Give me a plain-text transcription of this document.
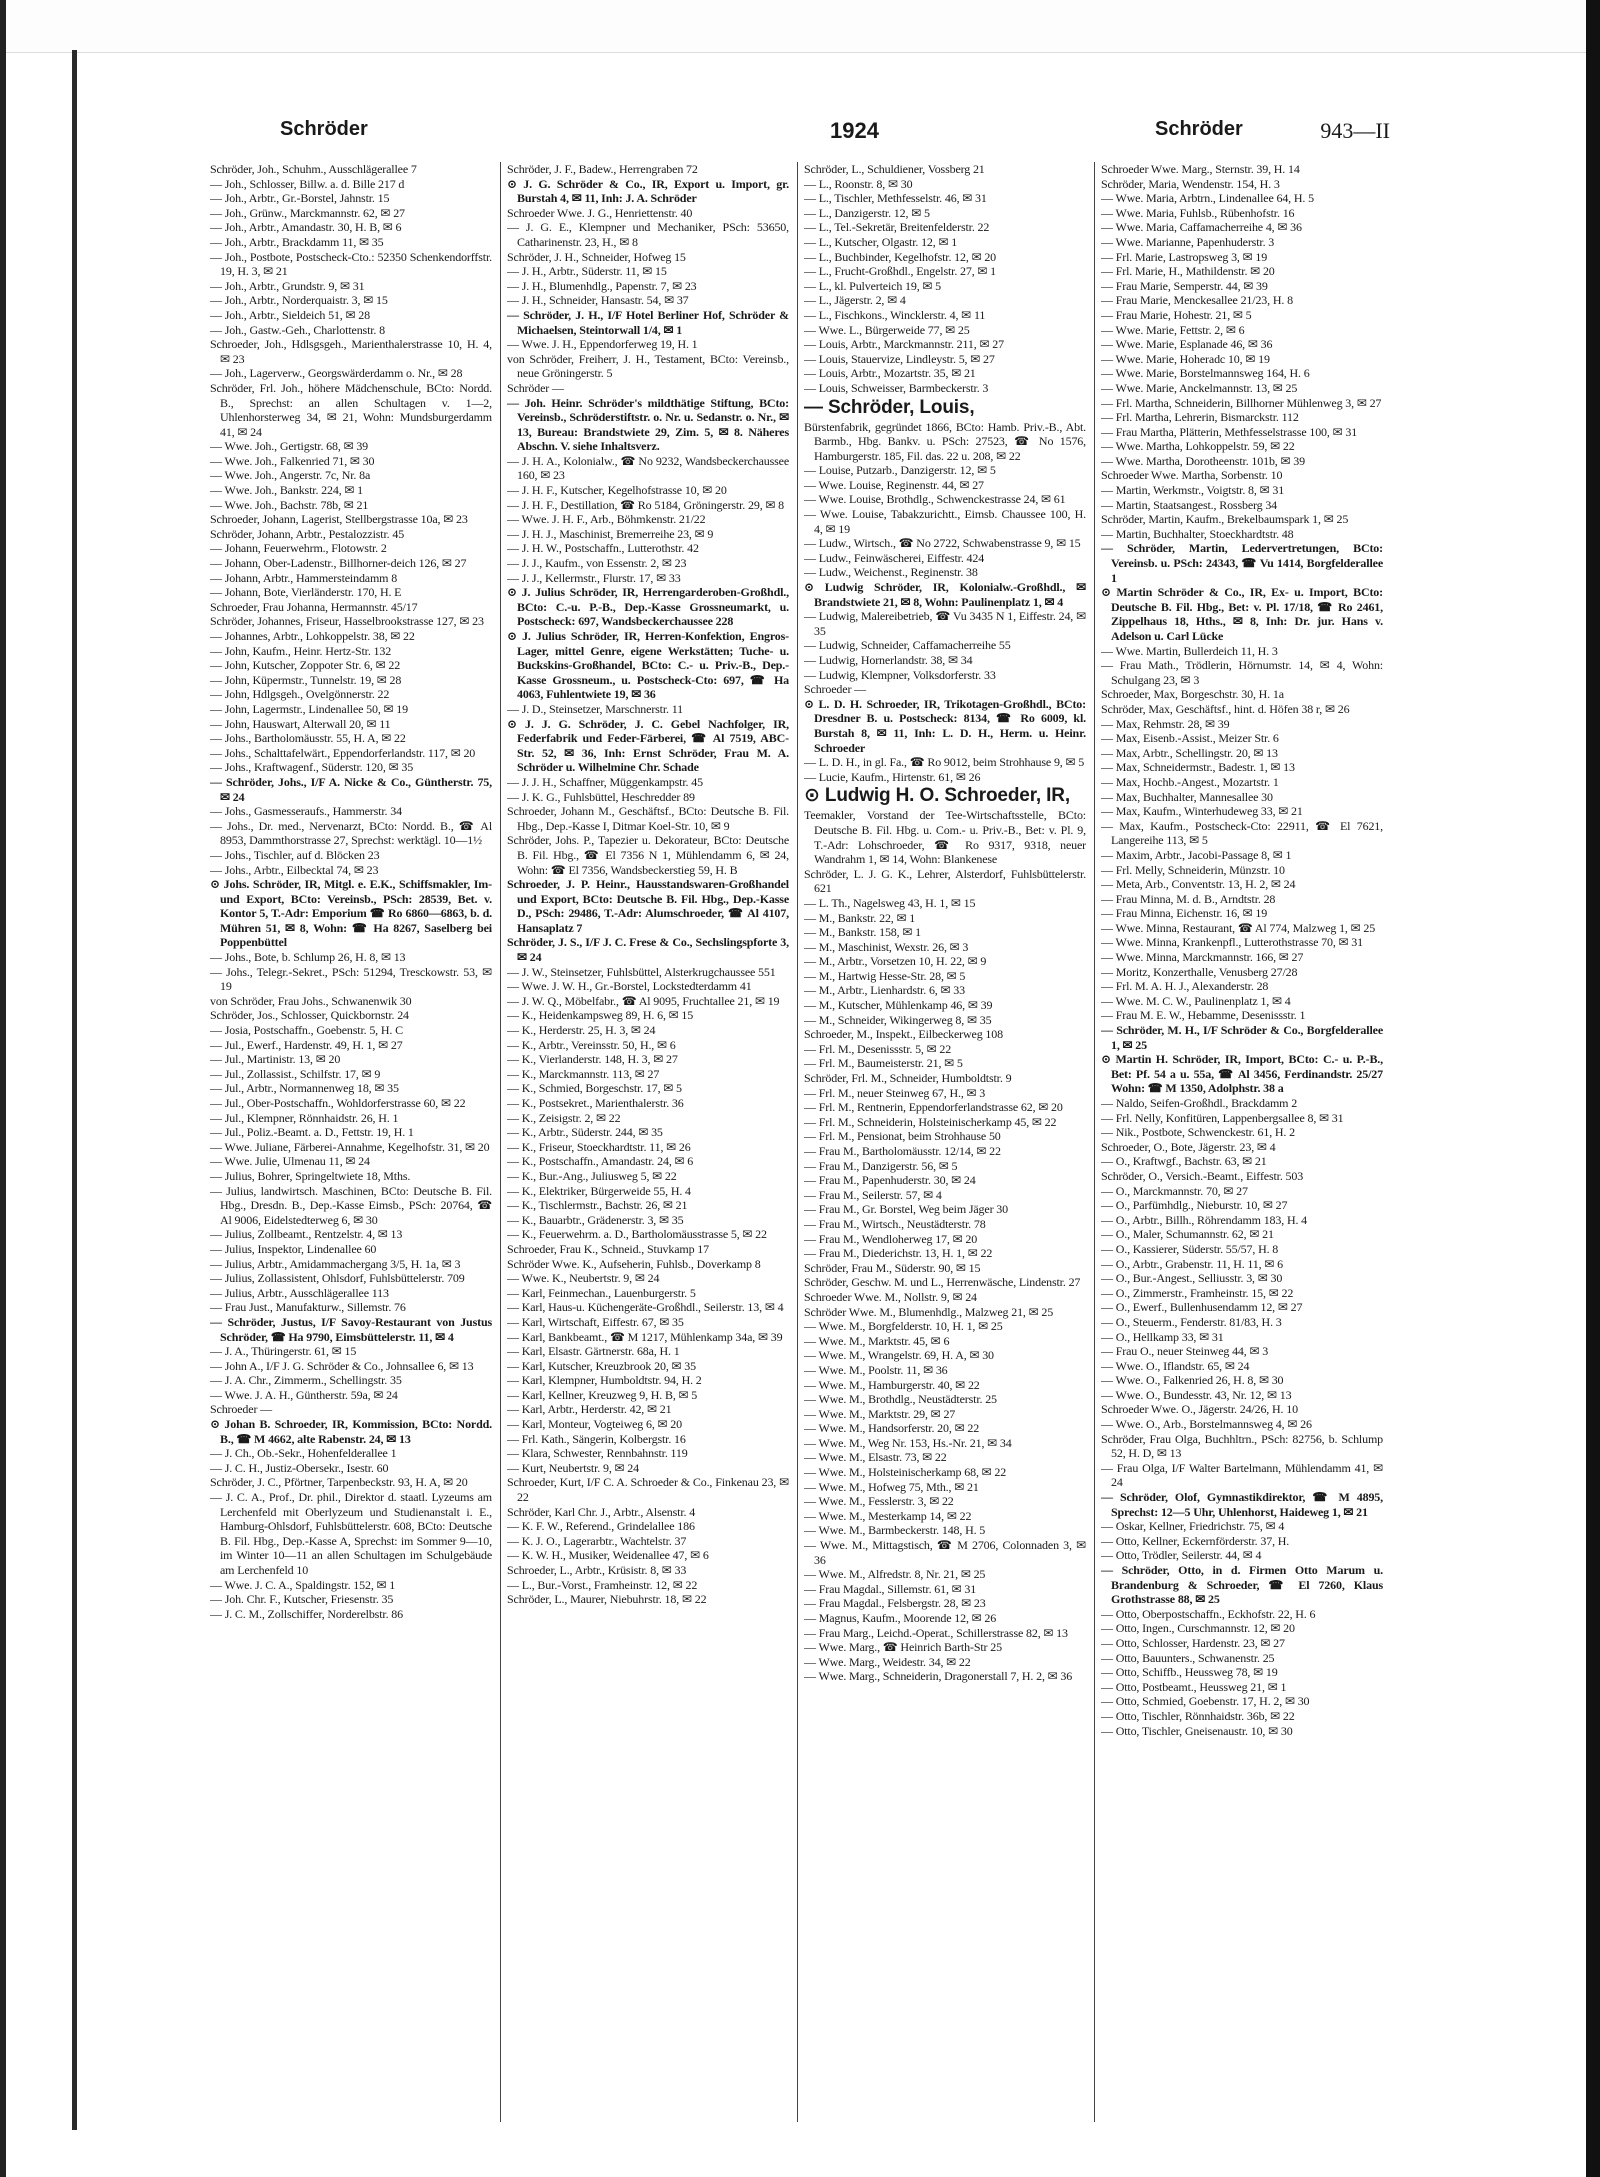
Schröder	1924	Schröder	943—II
Schröder, Joh., Schuhm., Ausschlägerallee 7
— Joh., Schlosser, Billw. a. d. Bille 217 d
— Joh., Arbtr., Gr.-Borstel, Jahnstr. 15
— Joh., Grünw., Marckmannstr. 62, ✉ 27
— Joh., Arbtr., Amandastr. 30, H. B, ✉ 6
— Joh., Arbtr., Brackdamm 11, ✉ 35
— Joh., Postbote, Postscheck-Cto.: 52350 Schenkendorffstr. 19, H. 3, ✉ 21
— Joh., Arbtr., Grundstr. 9, ✉ 31
— Joh., Arbtr., Norderquaistr. 3, ✉ 15
— Joh., Arbtr., Sieldeich 51, ✉ 28
— Joh., Gastw.-Geh., Charlottenstr. 8
Schroeder, Joh., Hdlsgsgeh., Marienthalerstrasse 10, H. 4, ✉ 23
— Joh., Lagerverw., Georgswärderdamm o. Nr., ✉ 28
Schröder, Frl. Joh., höhere Mädchenschule, BCto: Nordd. B., Sprechst: an allen Schultagen v. 1—2, Uhlenhorsterweg 34, ✉ 21, Wohn: Mundsburgerdamm 41, ✉ 24
— Wwe. Joh., Gertigstr. 68, ✉ 39
— Wwe. Joh., Falkenried 71, ✉ 30
— Wwe. Joh., Angerstr. 7c, Nr. 8a
— Wwe. Joh., Bankstr. 224, ✉ 1
— Wwe. Joh., Bachstr. 78b, ✉ 21
Schroeder, Johann, Lagerist, Stellbergstrasse 10a, ✉ 23
Schröder, Johann, Arbtr., Pestalozzistr. 45
— Johann, Feuerwehrm., Flotowstr. 2
— Johann, Ober-Ladenstr., Billhorner-deich 126, ✉ 27
— Johann, Arbtr., Hammersteindamm 8
— Johann, Bote, Vierländerstr. 170, H. E
Schroeder, Frau Johanna, Hermannstr. 45/17
Schröder, Johannes, Friseur, Hasselbrookstrasse 127, ✉ 23
— Johannes, Arbtr., Lohkoppelstr. 38, ✉ 22
— John, Kaufm., Heinr. Hertz-Str. 132
— John, Kutscher, Zoppoter Str. 6, ✉ 22
— John, Küpermstr., Tunnelstr. 19, ✉ 28
— John, Hdlgsgeh., Ovelgönnerstr. 22
— John, Lagermstr., Lindenallee 50, ✉ 19
— John, Hauswart, Alterwall 20, ✉ 11
— Johs., Bartholomäusstr. 55, H. A, ✉ 22
— Johs., Schalttafelwärt., Eppendorferlandstr. 117, ✉ 20
— Johs., Kraftwagenf., Süderstr. 120, ✉ 35
— Schröder, Johs., I/F A. Nicke & Co., Güntherstr. 75, ✉ 24
— Johs., Gasmesseraufs., Hammerstr. 34
— Johs., Dr. med., Nervenarzt, BCto: Nordd. B., ☎ Al 8953, Dammthorstrasse 27, Sprechst: werktägl. 10—1½
— Johs., Tischler, auf d. Blöcken 23
— Johs., Arbtr., Eilbecktal 74, ✉ 23
⊙ Johs. Schröder, IR, Mitgl. e. E.K., Schiffsmakler, Im- und Export, BCto: Vereinsb., PSch: 28539, Bet. v. Kontor 5, T.-Adr: Emporium ☎ Ro 6860—6863, b. d. Mühren 51, ✉ 8, Wohn: ☎ Ha 8267, Saselberg bei Poppenbüttel
— Johs., Bote, b. Schlump 26, H. 8, ✉ 13
— Johs., Telegr.-Sekret., PSch: 51294, Tresckowstr. 53, ✉ 19
von Schröder, Frau Johs., Schwanenwik 30
Schröder, Jos., Schlosser, Quickbornstr. 24
— Josia, Postschaffn., Goebenstr. 5, H. C
— Jul., Ewerf., Hardenstr. 49, H. 1, ✉ 27
— Jul., Martinistr. 13, ✉ 20
— Jul., Zollassist., Schilfstr. 17, ✉ 9
— Jul., Arbtr., Normannenweg 18, ✉ 35
— Jul., Ober-Postschaffn., Wohldorferstrasse 60, ✉ 22
— Jul., Klempner, Rönnhaidstr. 26, H. 1
— Jul., Poliz.-Beamt. a. D., Fettstr. 19, H. 1
— Wwe. Juliane, Färberei-Annahme, Kegelhofstr. 31, ✉ 20
— Wwe. Julie, Ulmenau 11, ✉ 24
— Julius, Bohrer, Springeltwiete 18, Mths.
— Julius, landwirtsch. Maschinen, BCto: Deutsche B. Fil. Hbg., Dresdn. B., Dep.-Kasse Eimsb., PSch: 20764, ☎ Al 9006, Eidelstedterweg 6, ✉ 30
— Julius, Zollbeamt., Rentzelstr. 4, ✉ 13
— Julius, Inspektor, Lindenallee 60
— Julius, Arbtr., Amidammachergang 3/5, H. 1a, ✉ 3
— Julius, Zollassistent, Ohlsdorf, Fuhlsbüttelerstr. 709
— Julius, Arbtr., Ausschlägerallee 113
— Frau Just., Manufakturw., Sillemstr. 76
— Schröder, Justus, I/F Savoy-Restaurant von Justus Schröder, ☎ Ha 9790, Eimsbüttelerstr. 11, ✉ 4
— J. A., Thüringerstr. 61, ✉ 15
— John A., I/F J. G. Schröder & Co., Johnsallee 6, ✉ 13
— J. A. Chr., Zimmerm., Schellingstr. 35
— Wwe. J. A. H., Güntherstr. 59a, ✉ 24
Schroeder —
⊙ Johan B. Schroeder, IR, Kommission, BCto: Nordd. B., ☎ M 4662, alte Rabenstr. 24, ✉ 13
— J. Ch., Ob.-Sekr., Hohenfelderallee 1
— J. C. H., Justiz-Obersekr., Isestr. 60
Schröder, J. C., Pförtner, Tarpenbeckstr. 93, H. A, ✉ 20
— J. C. A., Prof., Dr. phil., Direktor d. staatl. Lyzeums am Lerchenfeld mit Oberlyzeum und Studienanstalt i. E., Hamburg-Ohlsdorf, Fuhlsbüttelerstr. 608, BCto: Deutsche B. Fil. Hbg., Dep.-Kasse A, Sprechst: im Sommer 9—10, im Winter 10—11 an allen Schultagen im Schulgebäude am Lerchenfeld 10
— Wwe. J. C. A., Spaldingstr. 152, ✉ 1
— Joh. Chr. F., Kutscher, Friesenstr. 35
— J. C. M., Zollschiffer, Norderelbstr. 86
Schröder, J. F., Badew., Herrengraben 72
⊙ J. G. Schröder & Co., IR, Export u. Import, gr. Burstah 4, ✉ 11, Inh: J. A. Schröder
Schroeder Wwe. J. G., Henriettenstr. 40
— J. G. E., Klempner und Mechaniker, PSch: 53650, Catharinenstr. 23, H., ✉ 8
Schröder, J. H., Schneider, Hofweg 15
— J. H., Arbtr., Süderstr. 11, ✉ 15
— J. H., Blumenhdlg., Papenstr. 7, ✉ 23
— J. H., Schneider, Hansastr. 54, ✉ 37
— Schröder, J. H., I/F Hotel Berliner Hof, Schröder & Michaelsen, Steintorwall 1/4, ✉ 1
— Wwe. J. H., Eppendorferweg 19, H. 1
von Schröder, Freiherr, J. H., Testament, BCto: Vereinsb., neue Gröningerstr. 5
Schröder —
— Joh. Heinr. Schröder's mildthätige Stiftung, BCto: Vereinsb., Schröderstiftstr. o. Nr. u. Sedanstr. o. Nr., ✉ 13, Bureau: Brandstwiete 29, Zim. 5, ✉ 8. Näheres Abschn. V. siehe Inhaltsverz.
— J. H. A., Kolonialw., ☎ No 9232, Wandsbeckerchaussee 160, ✉ 23
— J. H. F., Kutscher, Kegelhofstrasse 10, ✉ 20
— J. H. F., Destillation, ☎ Ro 5184, Gröningerstr. 29, ✉ 8
— Wwe. J. H. F., Arb., Böhmkenstr. 21/22
— J. H. J., Maschinist, Bremerreihe 23, ✉ 9
— J. H. W., Postschaffn., Lutterothstr. 42
— J. J., Kaufm., von Essenstr. 2, ✉ 23
— J. J., Kellermstr., Flurstr. 17, ✉ 33
⊙ J. Julius Schröder, IR, Herrengarderoben-Großhdl., BCto: C.-u. P.-B., Dep.-Kasse Grossneumarkt, u. Postscheck: 697, Wandsbeckerchaussee 228
⊙ J. Julius Schröder, IR, Herren-Konfektion, Engros-Lager, mittel Genre, eigene Werkstätten; Tuche- u. Buckskins-Großhandel, BCto: C.- u. Priv.-B., Dep.-Kasse Grossneum., u. Postscheck-Cto: 697, ☎ Ha 4063, Fuhlentwiete 19, ✉ 36
— J. D., Steinsetzer, Marschnerstr. 11
⊙ J. J. G. Schröder, J. C. Gebel Nachfolger, IR, Federfabrik und Feder-Färberei, ☎ Al 7519, ABC-Str. 52, ✉ 36, Inh: Ernst Schröder, Frau M. A. Schröder u. Wilhelmine Chr. Schade
— J. J. H., Schaffner, Müggenkampstr. 45
— J. K. G., Fuhlsbüttel, Heschredder 89
Schroeder, Johann M., Geschäftsf., BCto: Deutsche B. Fil. Hbg., Dep.-Kasse I, Ditmar Koel-Str. 10, ✉ 9
Schröder, Johs. P., Tapezier u. Dekorateur, BCto: Deutsche B. Fil. Hbg., ☎ El 7356 N 1, Mühlendamm 6, ✉ 24, Wohn: ☎ El 7356, Wandsbeckerstieg 59, H. B
Schroeder, J. P. Heinr., Hausstandswaren-Großhandel und Export, BCto: Deutsche B. Fil. Hbg., Dep.-Kasse D., PSch: 29486, T.-Adr: Alumschroeder, ☎ Al 4107, Hansaplatz 7
Schröder, J. S., I/F J. C. Frese & Co., Sechslingspforte 3, ✉ 24
— J. W., Steinsetzer, Fuhlsbüttel, Alsterkrugchaussee 551
— Wwe. J. W. H., Gr.-Borstel, Lockstedterdamm 41
— J. W. Q., Möbelfabr., ☎ Al 9095, Fruchtallee 21, ✉ 19
— K., Heidenkampsweg 89, H. 6, ✉ 15
— K., Herderstr. 25, H. 3, ✉ 24
— K., Arbtr., Vereinsstr. 50, H., ✉ 6
— K., Vierlanderstr. 148, H. 3, ✉ 27
— K., Marckmannstr. 113, ✉ 27
— K., Schmied, Borgeschstr. 17, ✉ 5
— K., Postsekret., Marienthalerstr. 36
— K., Zeisigstr. 2, ✉ 22
— K., Arbtr., Süderstr. 244, ✉ 35
— K., Friseur, Stoeckhardtstr. 11, ✉ 26
— K., Postschaffn., Amandastr. 24, ✉ 6
— K., Bur.-Ang., Juliusweg 5, ✉ 22
— K., Elektriker, Bürgerweide 55, H. 4
— K., Tischlermstr., Bachstr. 26, ✉ 21
— K., Bauarbtr., Grädenerstr. 3, ✉ 35
— K., Feuerwehrm. a. D., Bartholomäusstrasse 5, ✉ 22
Schroeder, Frau K., Schneid., Stuvkamp 17
Schröder Wwe. K., Aufseherin, Fuhlsb., Doverkamp 8
— Wwe. K., Neubertstr. 9, ✉ 24
— Karl, Feinmechan., Lauenburgerstr. 5
— Karl, Haus-u. Küchengeräte-Großhdl., Seilerstr. 13, ✉ 4
— Karl, Wirtschaft, Eiffestr. 67, ✉ 35
— Karl, Bankbeamt., ☎ M 1217, Mühlenkamp 34a, ✉ 39
— Karl, Elsastr. Gärtnerstr. 68a, H. 1
— Karl, Kutscher, Kreuzbrook 20, ✉ 35
— Karl, Klempner, Humboldtstr. 94, H. 2
— Karl, Kellner, Kreuzweg 9, H. B, ✉ 5
— Karl, Arbtr., Herderstr. 42, ✉ 21
— Karl, Monteur, Vogteiweg 6, ✉ 20
— Frl. Kath., Sängerin, Kolbergstr. 16
— Klara, Schwester, Rennbahnstr. 119
— Kurt, Neubertstr. 9, ✉ 24
Schroeder, Kurt, I/F C. A. Schroeder & Co., Finkenau 23, ✉ 22
Schröder, Karl Chr. J., Arbtr., Alsenstr. 4
— K. F. W., Referend., Grindelallee 186
— K. J. O., Lagerarbtr., Wachtelstr. 37
— K. W. H., Musiker, Weidenallee 47, ✉ 6
Schroeder, L., Arbtr., Krüsistr. 8, ✉ 33
— L., Bur.-Vorst., Framheinstr. 12, ✉ 22
Schröder, L., Maurer, Niebuhrstr. 18, ✉ 22
Schröder, L., Schuldiener, Vossberg 21
— L., Roonstr. 8, ✉ 30
— L., Tischler, Methfesselstr. 46, ✉ 31
— L., Danzigerstr. 12, ✉ 5
— L., Tel.-Sekretär, Breitenfelderstr. 22
— L., Kutscher, Olgastr. 12, ✉ 1
— L., Buchbinder, Kegelhofstr. 12, ✉ 20
— L., Frucht-Großhdl., Engelstr. 27, ✉ 1
— L., kl. Pulverteich 19, ✉ 5
— L., Jägerstr. 2, ✉ 4
— L., Fischkons., Wincklerstr. 4, ✉ 11
— Wwe. L., Bürgerweide 77, ✉ 25
— Louis, Arbtr., Marckmannstr. 211, ✉ 27
— Louis, Stauervize, Lindleystr. 5, ✉ 27
— Louis, Arbtr., Mozartstr. 35, ✉ 21
— Louis, Schweisser, Barmbeckerstr. 3
— Schröder, Louis,
Bürstenfabrik, gegründet 1866, BCto: Hamb. Priv.-B., Abt. Barmb., Hbg. Bankv. u. PSch: 27523, ☎ No 1576, Hamburgerstr. 185, Fil. das. 22 u. 208, ✉ 22
— Louise, Putzarb., Danzigerstr. 12, ✉ 5
— Wwe. Louise, Reginenstr. 44, ✉ 27
— Wwe. Louise, Brothdlg., Schwenckestrasse 24, ✉ 61
— Wwe. Louise, Tabakzurichtt., Eimsb. Chaussee 100, H. 4, ✉ 19
— Ludw., Wirtsch., ☎ No 2722, Schwabenstrasse 9, ✉ 15
— Ludw., Feinwäscherei, Eiffestr. 424
— Ludw., Weichenst., Reginenstr. 38
⊙ Ludwig Schröder, IR, Kolonialw.-Großhdl., ✉ Brandstwiete 21, ✉ 8, Wohn: Paulinenplatz 1, ✉ 4
— Ludwig, Malereibetrieb, ☎ Vu 3435 N 1, Eiffestr. 24, ✉ 35
— Ludwig, Schneider, Caffamacherreihe 55
— Ludwig, Hornerlandstr. 38, ✉ 34
— Ludwig, Klempner, Volksdorferstr. 33
Schroeder —
⊙ L. D. H. Schroeder, IR, Trikotagen-Großhdl., BCto: Dresdner B. u. Postscheck: 8134, ☎ Ro 6009, kl. Burstah 8, ✉ 11, Inh: L. D. H., Herm. u. Heinr. Schroeder
— L. D. H., in gl. Fa., ☎ Ro 9012, beim Strohhause 9, ✉ 5
— Lucie, Kaufm., Hirtenstr. 61, ✉ 26
⊙ Ludwig H. O. Schroeder, IR,
Teemakler, Vorstand der Tee-Wirtschaftsstelle, BCto: Deutsche B. Fil. Hbg. u. Com.- u. Priv.-B., Bet: v. Pl. 9, T.-Adr: Lohschroeder, ☎ Ro 9317, 9318, neuer Wandrahm 1, ✉ 14, Wohn: Blankenese
Schröder, L. J. G. K., Lehrer, Alsterdorf, Fuhlsbüttelerstr. 621
— L. Th., Nagelsweg 43, H. 1, ✉ 15
— M., Bankstr. 22, ✉ 1
— M., Bankstr. 158, ✉ 1
— M., Maschinist, Wexstr. 26, ✉ 3
— M., Arbtr., Vorsetzen 10, H. 22, ✉ 9
— M., Hartwig Hesse-Str. 28, ✉ 5
— M., Arbtr., Lienhardstr. 6, ✉ 33
— M., Kutscher, Mühlenkamp 46, ✉ 39
— M., Schneider, Wikingerweg 8, ✉ 35
Schroeder, M., Inspekt., Eilbeckerweg 108
— Frl. M., Desenissstr. 5, ✉ 22
— Frl. M., Baumeisterstr. 21, ✉ 5
Schröder, Frl. M., Schneider, Humboldtstr. 9
— Frl. M., neuer Steinweg 67, H., ✉ 3
— Frl. M., Rentnerin, Eppendorferlandstrasse 62, ✉ 20
— Frl. M., Schneiderin, Holsteinischerkamp 45, ✉ 22
— Frl. M., Pensionat, beim Strohhause 50
— Frau M., Bartholomäusstr. 12/14, ✉ 22
— Frau M., Danzigerstr. 56, ✉ 5
— Frau M., Papenhuderstr. 30, ✉ 24
— Frau M., Seilerstr. 57, ✉ 4
— Frau M., Gr. Borstel, Weg beim Jäger 30
— Frau M., Wirtsch., Neustädterstr. 78
— Frau M., Wendloherweg 17, ✉ 20
— Frau M., Diederichstr. 13, H. 1, ✉ 22
Schröder, Frau M., Süderstr. 90, ✉ 15
Schröder, Geschw. M. und L., Herrenwäsche, Lindenstr. 27
Schroeder Wwe. M., Nollstr. 9, ✉ 24
Schröder Wwe. M., Blumenhdlg., Malzweg 21, ✉ 25
— Wwe. M., Borgfelderstr. 10, H. 1, ✉ 25
— Wwe. M., Marktstr. 45, ✉ 6
— Wwe. M., Wrangelstr. 69, H. A, ✉ 30
— Wwe. M., Poolstr. 11, ✉ 36
— Wwe. M., Hamburgerstr. 40, ✉ 22
— Wwe. M., Brothdlg., Neustädterstr. 25
— Wwe. M., Marktstr. 29, ✉ 27
— Wwe. M., Handsorferstr. 20, ✉ 22
— Wwe. M., Weg Nr. 153, Hs.-Nr. 21, ✉ 34
— Wwe. M., Elsastr. 73, ✉ 22
— Wwe. M., Holsteinischerkamp 68, ✉ 22
— Wwe. M., Hofweg 75, Mth., ✉ 21
— Wwe. M., Fesslerstr. 3, ✉ 22
— Wwe. M., Mesterkamp 14, ✉ 22
— Wwe. M., Barmbeckerstr. 148, H. 5
— Wwe. M., Mittagstisch, ☎ M 2706, Colonnaden 3, ✉ 36
— Wwe. M., Alfredstr. 8, Nr. 21, ✉ 25
— Frau Magdal., Sillemstr. 61, ✉ 31
— Frau Magdal., Felsbergstr. 28, ✉ 23
— Magnus, Kaufm., Moorende 12, ✉ 26
— Frau Marg., Leichd.-Operat., Schillerstrasse 82, ✉ 13
— Wwe. Marg., ☎ Heinrich Barth-Str 25
— Wwe. Marg., Weidestr. 34, ✉ 22
— Wwe. Marg., Schneiderin, Dragonerstall 7, H. 2, ✉ 36
Schroeder Wwe. Marg., Sternstr. 39, H. 14
Schröder, Maria, Wendenstr. 154, H. 3
— Wwe. Maria, Arbtrn., Lindenallee 64, H. 5
— Wwe. Maria, Fuhlsb., Rübenhofstr. 16
— Wwe. Maria, Caffamacherreihe 4, ✉ 36
— Wwe. Marianne, Papenhuderstr. 3
— Frl. Marie, Lastropsweg 3, ✉ 19
— Frl. Marie, H., Mathildenstr. ✉ 20
— Frau Marie, Semperstr. 44, ✉ 39
— Frau Marie, Menckesallee 21/23, H. 8
— Frau Marie, Hohestr. 21, ✉ 5
— Wwe. Marie, Fettstr. 2, ✉ 6
— Wwe. Marie, Esplanade 46, ✉ 36
— Wwe. Marie, Hoheradc 10, ✉ 19
— Wwe. Marie, Borstelmannsweg 164, H. 6
— Wwe. Marie, Anckelmannstr. 13, ✉ 25
— Frl. Martha, Schneiderin, Billhorner Mühlenweg 3, ✉ 27
— Frl. Martha, Lehrerin, Bismarckstr. 112
— Frau Martha, Plätterin, Methfesselstrasse 100, ✉ 31
— Wwe. Martha, Lohkoppelstr. 59, ✉ 22
— Wwe. Martha, Dorotheenstr. 101b, ✉ 39
Schroeder Wwe. Martha, Sorbenstr. 10
— Martin, Werkmstr., Voigtstr. 8, ✉ 31
— Martin, Staatsangest., Rossberg 34
Schröder, Martin, Kaufm., Brekelbaumspark 1, ✉ 25
— Martin, Buchhalter, Stoeckhardtstr. 48
— Schröder, Martin, Ledervertretungen, BCto: Vereinsb. u. PSch: 24343, ☎ Vu 1414, Borgfelderallee 1
⊙ Martin Schröder & Co., IR, Ex- u. Import, BCto: Deutsche B. Fil. Hbg., Bet: v. Pl. 17/18, ☎ Ro 2461, Zippelhaus 18, Hths., ✉ 8, Inh: Dr. jur. Hans v. Adelson u. Carl Lücke
— Wwe. Martin, Bullerdeich 11, H. 3
— Frau Math., Trödlerin, Hörnumstr. 14, ✉ 4, Wohn: Schulgang 23, ✉ 3
Schroeder, Max, Borgeschstr. 30, H. 1a
Schröder, Max, Geschäftsf., hint. d. Höfen 38 r, ✉ 26
— Max, Rehmstr. 28, ✉ 39
— Max, Eisenb.-Assist., Meizer Str. 6
— Max, Arbtr., Schellingstr. 20, ✉ 13
— Max, Schneidermstr., Badestr. 1, ✉ 13
— Max, Hochb.-Angest., Mozartstr. 1
— Max, Buchhalter, Mannesallee 30
— Max, Kaufm., Winterhudeweg 33, ✉ 21
— Max, Kaufm., Postscheck-Cto: 22911, ☎ El 7621, Langereihe 113, ✉ 5
— Maxim, Arbtr., Jacobi-Passage 8, ✉ 1
— Frl. Melly, Schneiderin, Münzstr. 10
— Meta, Arb., Conventstr. 13, H. 2, ✉ 24
— Frau Minna, M. d. B., Arndtstr. 28
— Frau Minna, Eichenstr. 16, ✉ 19
— Wwe. Minna, Restaurant, ☎ Al 774, Malzweg 1, ✉ 25
— Wwe. Minna, Krankenpfl., Lutterothstrasse 70, ✉ 31
— Wwe. Minna, Marckmannstr. 166, ✉ 27
— Moritz, Konzerthalle, Venusberg 27/28
— Frl. M. A. H. J., Alexanderstr. 28
— Wwe. M. C. W., Paulinenplatz 1, ✉ 4
— Frau M. E. W., Hebamme, Desenissstr. 1
— Schröder, M. H., I/F Schröder & Co., Borgfelderallee 1, ✉ 25
⊙ Martin H. Schröder, IR, Import, BCto: C.- u. P.-B., Bet: Pf. 54 a u. 55a, ☎ Al 3456, Ferdinandstr. 25/27 Wohn: ☎ M 1350, Adolphstr. 38 a
— Naldo, Seifen-Großhdl., Brackdamm 2
— Frl. Nelly, Konfitüren, Lappenbergsallee 8, ✉ 31
— Nik., Postbote, Schwenckestr. 61, H. 2
Schroeder, O., Bote, Jägerstr. 23, ✉ 4
— O., Kraftwgf., Bachstr. 63, ✉ 21
Schröder, O., Versich.-Beamt., Eiffestr. 503
— O., Marckmannstr. 70, ✉ 27
— O., Parfümhdlg., Nieburstr. 10, ✉ 27
— O., Arbtr., Billh., Röhrendamm 183, H. 4
— O., Maler, Schumannstr. 62, ✉ 21
— O., Kassierer, Süderstr. 55/57, H. 8
— O., Arbtr., Grabenstr. 11, H. 11, ✉ 6
— O., Bur.-Angest., Selliusstr. 3, ✉ 30
— O., Zimmerstr., Framheinstr. 15, ✉ 22
— O., Ewerf., Bullenhusendamm 12, ✉ 27
— O., Steuerm., Fenderstr. 81/83, H. 3
— O., Hellkamp 33, ✉ 31
— Frau O., neuer Steinweg 44, ✉ 3
— Wwe. O., Iflandstr. 65, ✉ 24
— Wwe. O., Falkenried 26, H. 8, ✉ 30
— Wwe. O., Bundesstr. 43, Nr. 12, ✉ 13
Schroeder Wwe. O., Jägerstr. 24/26, H. 10
— Wwe. O., Arb., Borstelmannsweg 4, ✉ 26
Schröder, Frau Olga, Buchhltrn., PSch: 82756, b. Schlump 52, H. D, ✉ 13
— Frau Olga, I/F Walter Bartelmann, Mühlendamm 41, ✉ 24
— Schröder, Olof, Gymnastikdirektor, ☎ M 4895, Sprechst: 12—5 Uhr, Uhlenhorst, Haideweg 1, ✉ 21
— Oskar, Kellner, Friedrichstr. 75, ✉ 4
— Otto, Kellner, Eckernförderstr. 37, H.
— Otto, Trödler, Seilerstr. 44, ✉ 4
— Schröder, Otto, in d. Firmen Otto Marum u. Brandenburg & Schroeder, ☎ El 7260, Klaus Grothstrasse 88, ✉ 25
— Otto, Oberpostschaffn., Eckhofstr. 22, H. 6
— Otto, Ingen., Curschmannstr. 12, ✉ 20
— Otto, Schlosser, Hardenstr. 23, ✉ 27
— Otto, Bauunters., Schwanenstr. 25
— Otto, Schiffb., Heussweg 78, ✉ 19
— Otto, Postbeamt., Heussweg 21, ✉ 1
— Otto, Schmied, Goebenstr. 17, H. 2, ✉ 30
— Otto, Tischler, Rönnhaidstr. 36b, ✉ 22
— Otto, Tischler, Gneisenaustr. 10, ✉ 30
